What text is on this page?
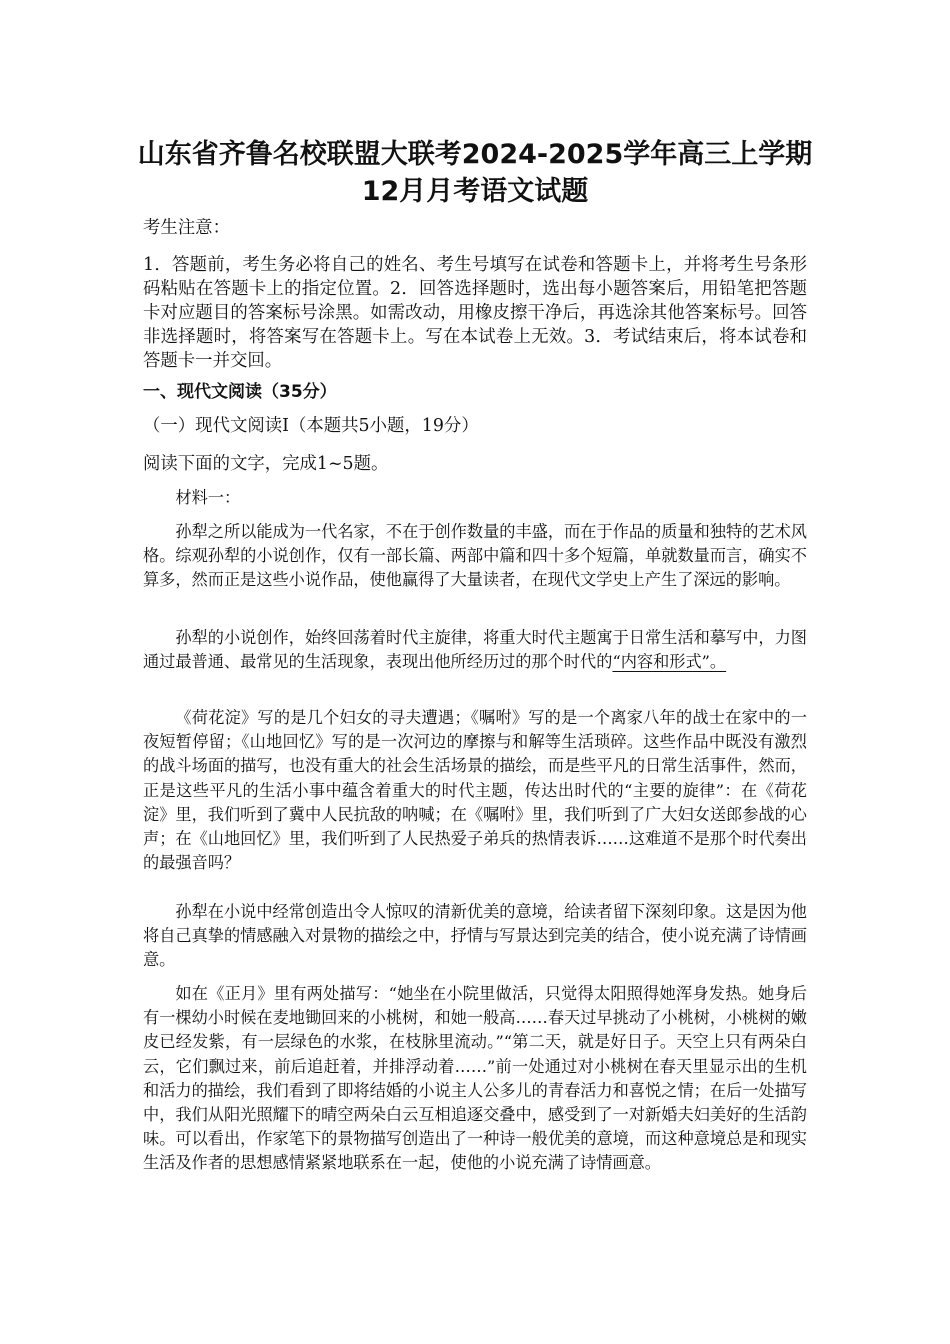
山东省齐鲁名校联盟大联考2024-2025学年高三上学期12月月考语文试题

考生注意：

1．答题前，考生务必将自己的姓名、考生号填写在试卷和答题卡上，并将考生号条形码粘贴在答题卡上的指定位置。2．回答选择题时，选出每小题答案后，用铅笔把答题卡对应题目的答案标号涂黑。如需改动，用橡皮擦干净后，再选涂其他答案标号。回答非选择题时，将答案写在答题卡上。写在本试卷上无效。3．考试结束后，将本试卷和答题卡一并交回。

一、现代文阅读（35分）

（一）现代文阅读Ⅰ（本题共5小题，19分）

阅读下面的文字，完成1~5题。

材料一：

孙犁之所以能成为一代名家，不在于创作数量的丰盛，而在于作品的质量和独特的艺术风格。综观孙犁的小说创作，仅有一部长篇、两部中篇和四十多个短篇，单就数量而言，确实不算多，然而正是这些小说作品，使他赢得了大量读者，在现代文学史上产生了深远的影响。

孙犁的小说创作，始终回荡着时代主旋律，将重大时代主题寓于日常生活和摹写中，力图通过最普通、最常见的生活现象，表现出他所经历过的那个时代的“内容和形式”。

《荷花淀》写的是几个妇女的寻夫遭遇；《嘱咐》写的是一个离家八年的战士在家中的一夜短暂停留；《山地回忆》写的是一次河边的摩擦与和解等生活琐碎。这些作品中既没有激烈的战斗场面的描写，也没有重大的社会生活场景的描绘，而是些平凡的日常生活事件，然而，正是这些平凡的生活小事中蕴含着重大的时代主题，传达出时代的“主要的旋律”：在《荷花淀》里，我们听到了冀中人民抗敌的呐喊；在《嘱咐》里，我们听到了广大妇女送郎参战的心声；在《山地回忆》里，我们听到了人民热爱子弟兵的热情表诉……这难道不是那个时代奏出的最强音吗？

孙犁在小说中经常创造出令人惊叹的清新优美的意境，给读者留下深刻印象。这是因为他将自己真挚的情感融入对景物的描绘之中，抒情与写景达到完美的结合，使小说充满了诗情画意。

如在《正月》里有两处描写：“她坐在小院里做活，只觉得太阳照得她浑身发热。她身后有一棵幼小时候在麦地锄回来的小桃树，和她一般高……春天过早挑动了小桃树，小桃树的嫩皮已经发紫，有一层绿色的水浆，在枝脉里流动。”“第二天，就是好日子。天空上只有两朵白云，它们飘过来，前后追赶着，并排浮动着……”前一处通过对小桃树在春天里显示出的生机和活力的描绘，我们看到了即将结婚的小说主人公多儿的青春活力和喜悦之情；在后一处描写中，我们从阳光照耀下的晴空两朵白云互相追逐交叠中，感受到了一对新婚夫妇美好的生活韵味。可以看出，作家笔下的景物描写创造出了一种诗一般优美的意境，而这种意境总是和现实生活及作者的思想感情紧紧地联系在一起，使他的小说充满了诗情画意。
